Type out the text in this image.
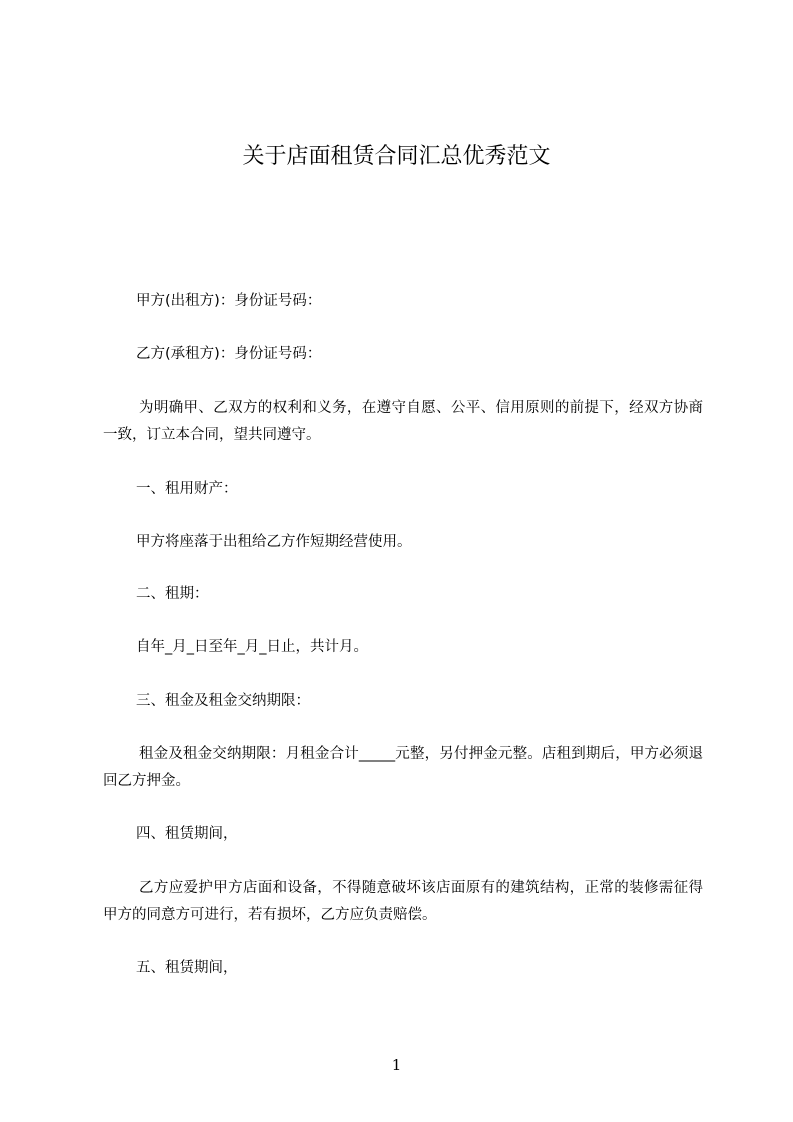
关于店面租赁合同汇总优秀范文

甲方(出租方)：身份证号码：

乙方(承租方)：身份证号码：

为明确甲、乙双方的权利和义务，在遵守自愿、公平、信用原则的前提下，经双方协商一致，订立本合同，望共同遵守。

一、租用财产：

甲方将座落于出租给乙方作短期经营使用。

二、租期：

自年_月_日至年_月_日止，共计月。

三、租金及租金交纳期限：

租金及租金交纳期限：月租金合计_____元整，另付押金元整。店租到期后，甲方必须退回乙方押金。

四、租赁期间，

乙方应爱护甲方店面和设备，不得随意破坏该店面原有的建筑结构，正常的装修需征得甲方的同意方可进行，若有损坏，乙方应负责赔偿。

五、租赁期间，

1
